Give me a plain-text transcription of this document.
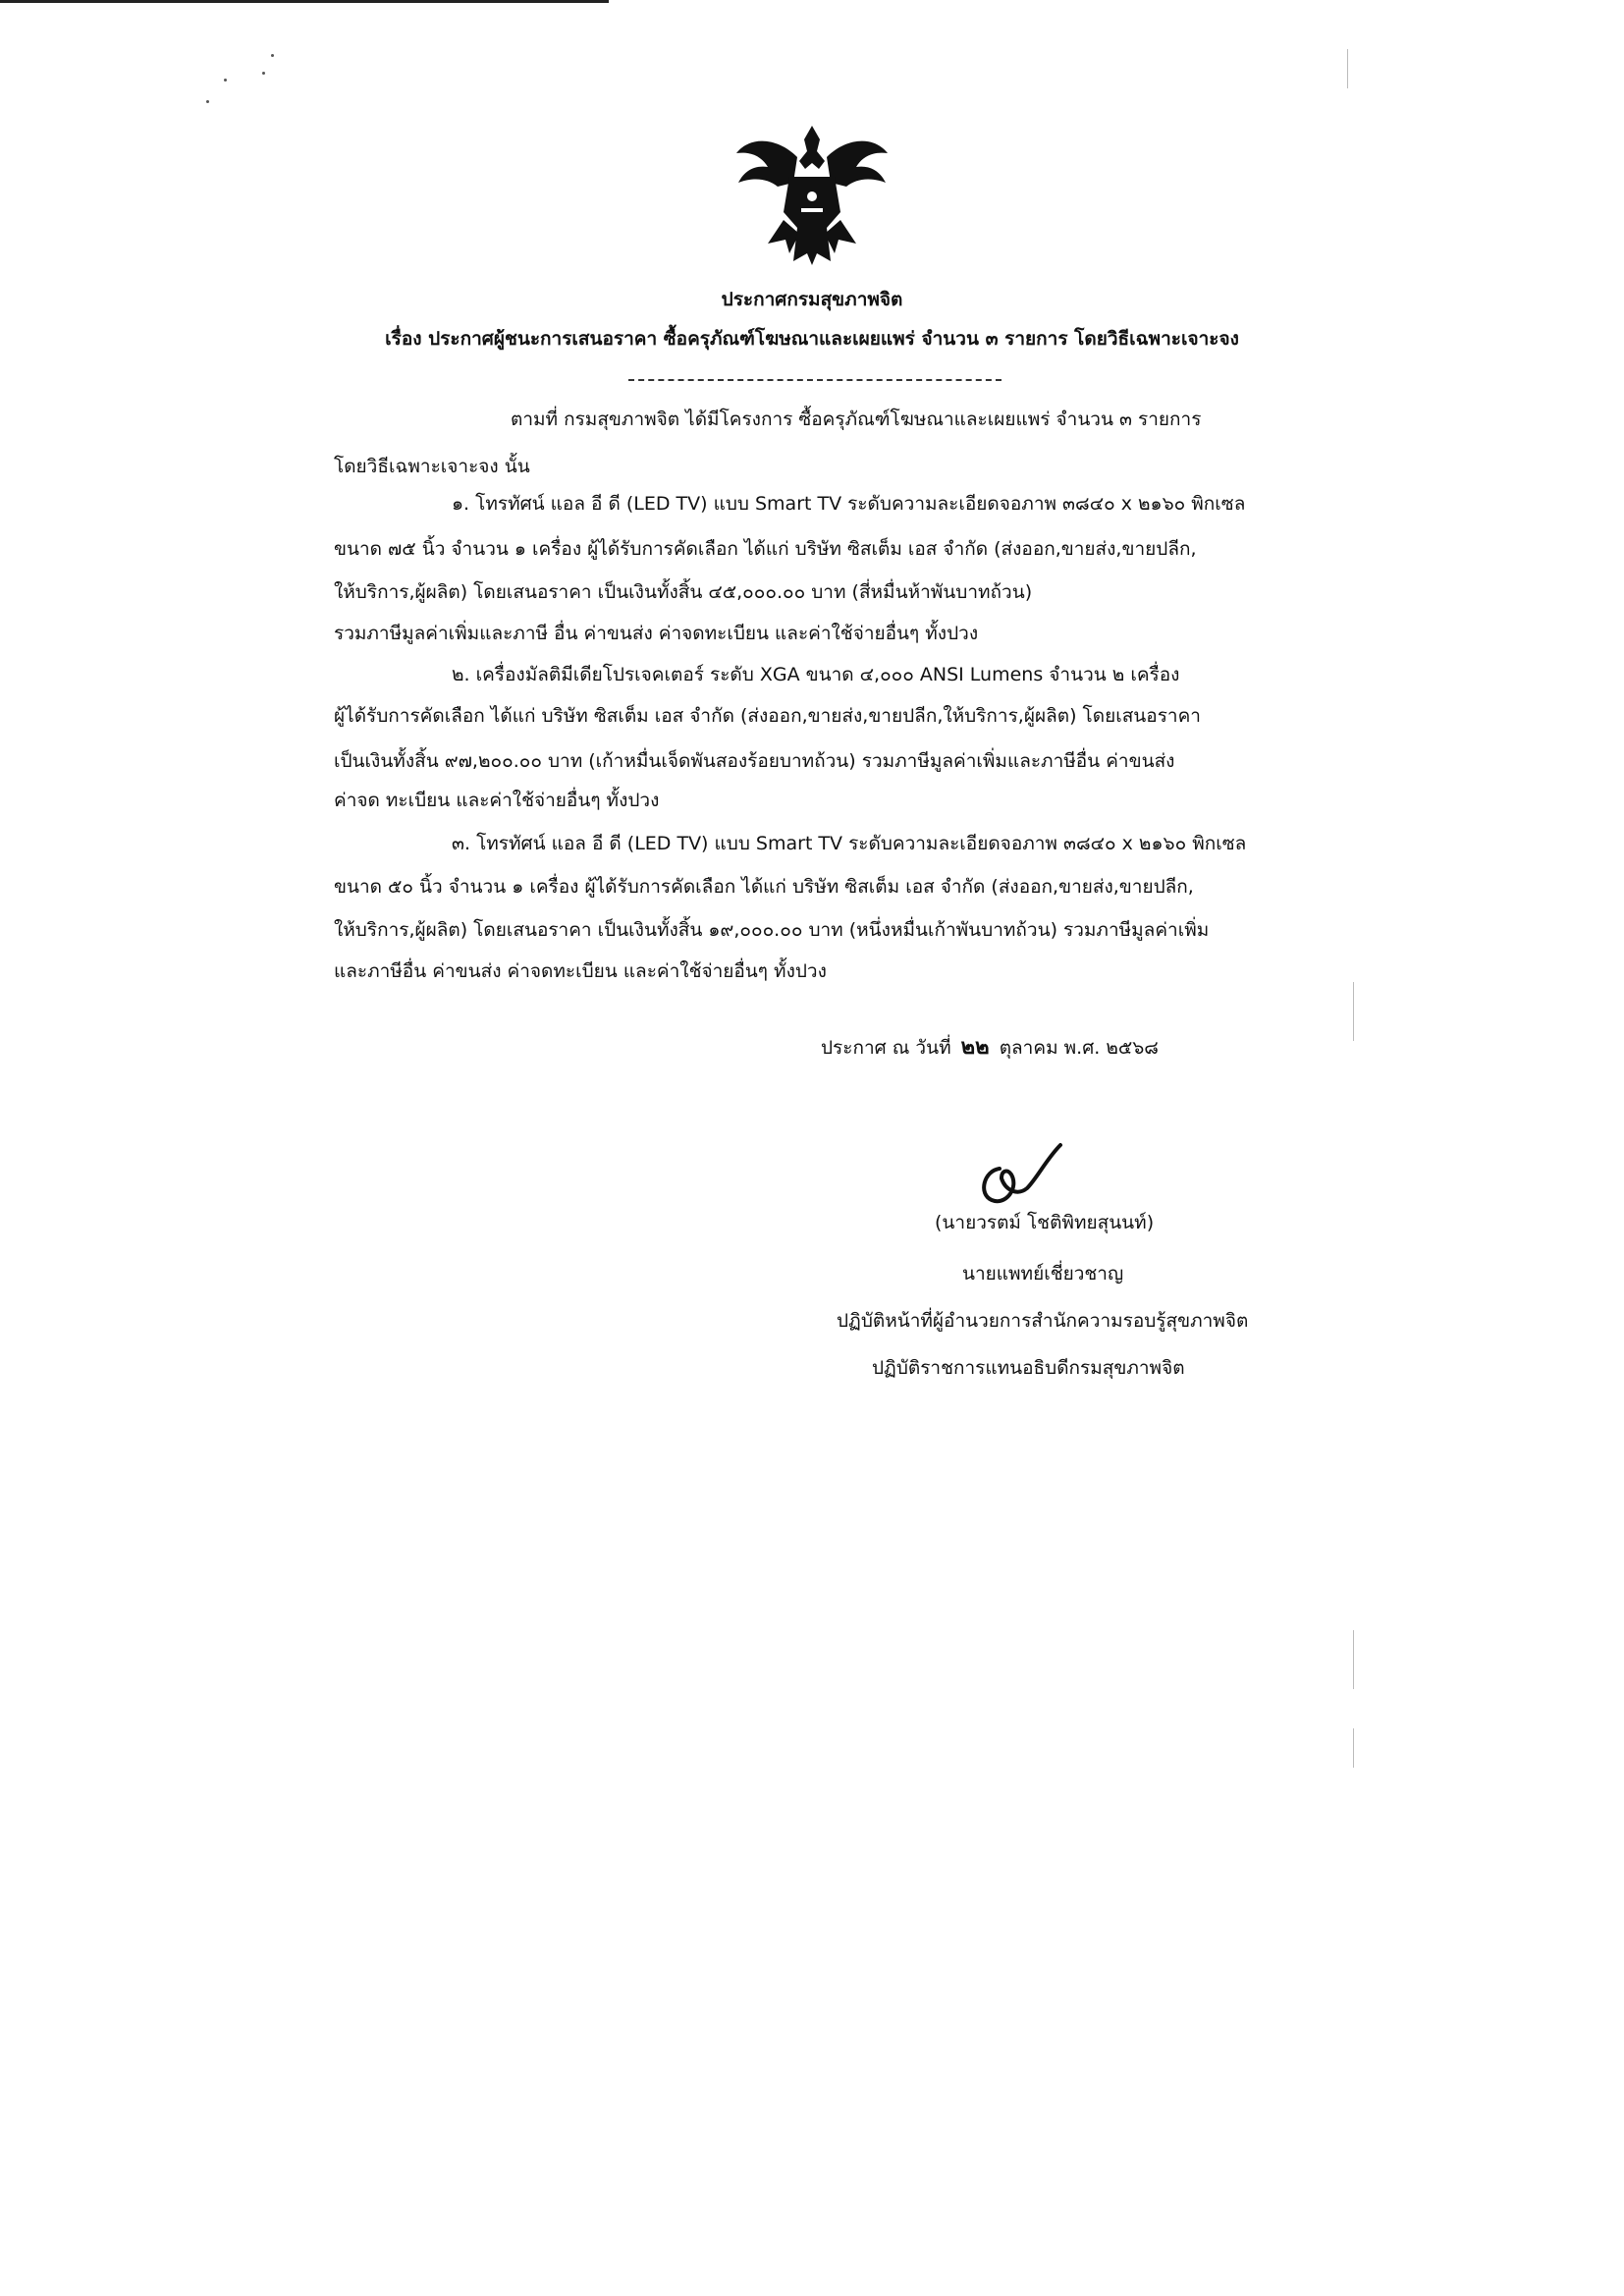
ประกาศกรมสุขภาพจิต
เรื่อง ประกาศผู้ชนะการเสนอราคา ซื้อครุภัณฑ์โฆษณาและเผยแพร่ จำนวน ๓ รายการ โดยวิธีเฉพาะเจาะจง
ตามที่ กรมสุขภาพจิต ได้มีโครงการ ซื้อครุภัณฑ์โฆษณาและเผยแพร่ จำนวน ๓ รายการ
โดยวิธีเฉพาะเจาะจง นั้น
๑. โทรทัศน์ แอล อี ดี (LED TV) แบบ Smart TV ระดับความละเอียดจอภาพ ๓๘๔๐ x ๒๑๖๐ พิกเซล
ขนาด ๗๕ นิ้ว จำนวน ๑ เครื่อง ผู้ได้รับการคัดเลือก ได้แก่ บริษัท ซิสเต็ม เอส จำกัด (ส่งออก,ขายส่ง,ขายปลีก,
ให้บริการ,ผู้ผลิต) โดยเสนอราคา เป็นเงินทั้งสิ้น ๔๕,๐๐๐.๐๐ บาท (สี่หมื่นห้าพันบาทถ้วน)
รวมภาษีมูลค่าเพิ่มและภาษี อื่น ค่าขนส่ง ค่าจดทะเบียน และค่าใช้จ่ายอื่นๆ ทั้งปวง
๒. เครื่องมัลติมีเดียโปรเจคเตอร์ ระดับ XGA ขนาด ๔,๐๐๐ ANSI Lumens จำนวน ๒ เครื่อง
ผู้ได้รับการคัดเลือก ได้แก่ บริษัท ซิสเต็ม เอส จำกัด (ส่งออก,ขายส่ง,ขายปลีก,ให้บริการ,ผู้ผลิต) โดยเสนอราคา
เป็นเงินทั้งสิ้น ๙๗,๒๐๐.๐๐ บาท (เก้าหมื่นเจ็ดพันสองร้อยบาทถ้วน) รวมภาษีมูลค่าเพิ่มและภาษีอื่น ค่าขนส่ง
ค่าจด ทะเบียน และค่าใช้จ่ายอื่นๆ ทั้งปวง
๓. โทรทัศน์ แอล อี ดี (LED TV) แบบ Smart TV ระดับความละเอียดจอภาพ ๓๘๔๐ x ๒๑๖๐ พิกเซล
ขนาด ๕๐ นิ้ว จำนวน ๑ เครื่อง ผู้ได้รับการคัดเลือก ได้แก่ บริษัท ซิสเต็ม เอส จำกัด (ส่งออก,ขายส่ง,ขายปลีก,
ให้บริการ,ผู้ผลิต) โดยเสนอราคา เป็นเงินทั้งสิ้น ๑๙,๐๐๐.๐๐ บาท (หนึ่งหมื่นเก้าพันบาทถ้วน) รวมภาษีมูลค่าเพิ่ม
และภาษีอื่น ค่าขนส่ง ค่าจดทะเบียน และค่าใช้จ่ายอื่นๆ ทั้งปวง
ประกาศ ณ วันที่ ๒๒ ตุลาคม พ.ศ. ๒๕๖๘
(นายวรตม์ โชติพิทยสุนนท์)
นายแพทย์เชี่ยวชาญ
ปฏิบัติหน้าที่ผู้อำนวยการสำนักความรอบรู้สุขภาพจิต
ปฏิบัติราชการแทนอธิบดีกรมสุขภาพจิต
